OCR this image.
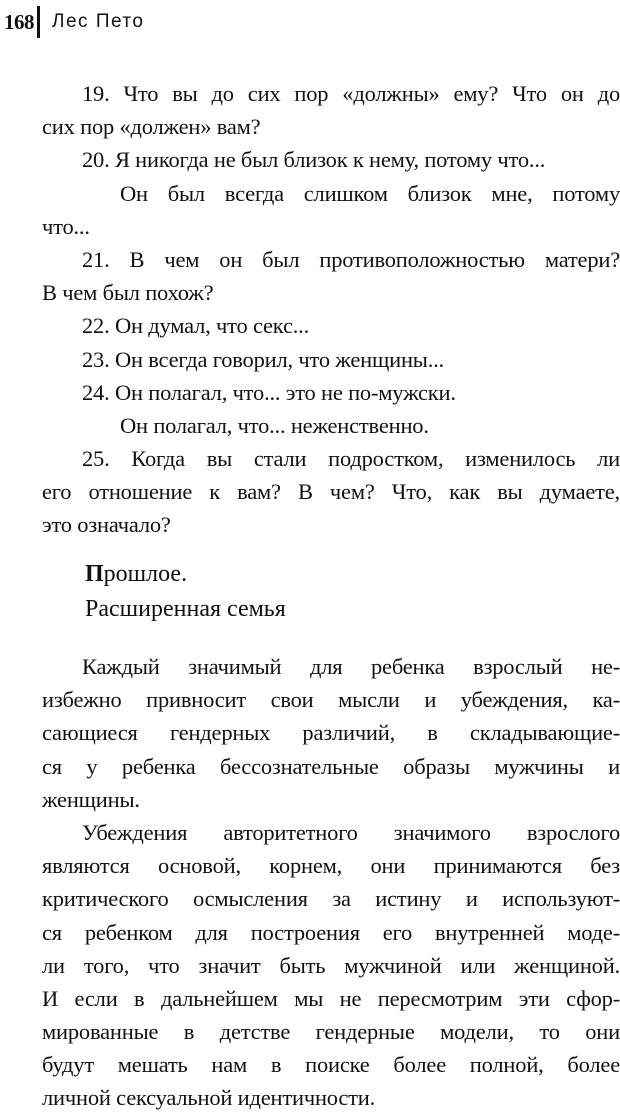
168 Лес Пето
19. Что вы до сих пор «должны» ему? Что он до
сих пор «должен» вам?
20. Я никогда не был близок к нему, потому что...
Он был всегда слишком близок мне, потому
что...
21. В чем он был противоположностью матери?
В чем был похож?
22. Он думал, что секс...
23. Он всегда говорил, что женщины...
24. Он полагал, что... это не по-мужски.
Он полагал, что... неженственно.
25. Когда вы стали подростком, изменилось ли
его отношение к вам? В чем? Что, как вы думаете,
это означало?
Прошлое.
Расширенная семья
Каждый значимый для ребенка взрослый не-
избежно привносит свои мысли и убеждения, ка-
сающиеся гендерных различий, в складывающие-
ся у ребенка бессознательные образы мужчины и
женщины.
Убеждения авторитетного значимого взрослого
являются основой, корнем, они принимаются без
критического осмысления за истину и используют-
ся ребенком для построения его внутренней моде-
ли того, что значит быть мужчиной или женщиной.
И если в дальнейшем мы не пересмотрим эти сфор-
мированные в детстве гендерные модели, то они
будут мешать нам в поиске более полной, более
личной сексуальной идентичности.
